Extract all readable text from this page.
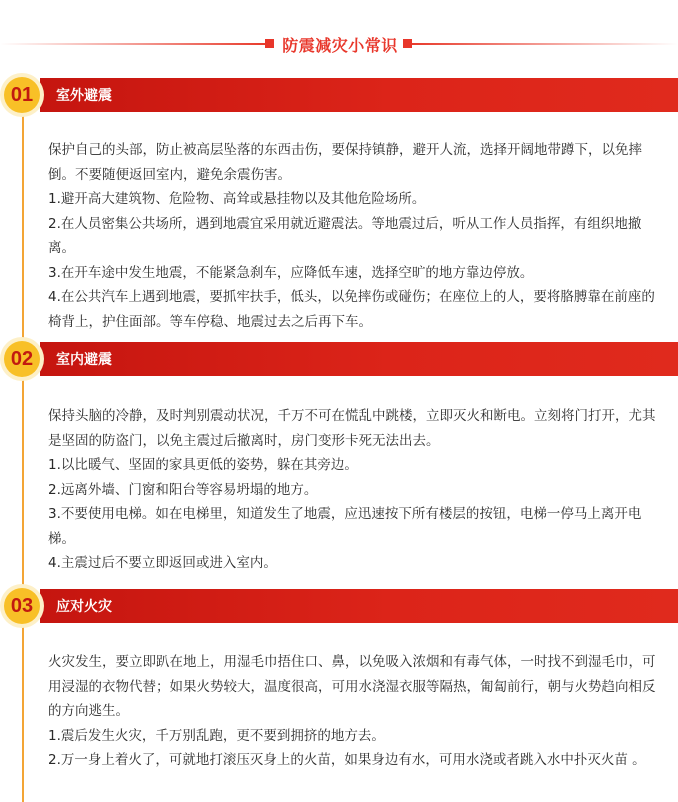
防震减灾小常识
室外避震
01

保护自己的头部，防止被高层坠落的东西击伤，要保持镇静，避开人流，选择开阔地带蹲下，以免摔倒。不要随便返回室内，避免余震伤害。

1.避开高大建筑物、危险物、高耸或悬挂物以及其他危险场所。

2.在人员密集公共场所，遇到地震宜采用就近避震法。等地震过后，听从工作人员指挥，有组织地撤离。

3.在开车途中发生地震，不能紧急刹车，应降低车速，选择空旷的地方靠边停放。

4.在公共汽车上遇到地震，要抓牢扶手，低头，以免摔伤或碰伤；在座位上的人，要将胳膊靠在前座的椅背上，护住面部。等车停稳、地震过去之后再下车。

室内避震
02

保持头脑的冷静，及时判别震动状况，千万不可在慌乱中跳楼，立即灭火和断电。立刻将门打开，尤其是坚固的防盗门，以免主震过后撤离时，房门变形卡死无法出去。

1.以比暖气、坚固的家具更低的姿势，躲在其旁边。

2.远离外墙、门窗和阳台等容易坍塌的地方。

3.不要使用电梯。如在电梯里，知道发生了地震，应迅速按下所有楼层的按钮，电梯一停马上离开电梯。

4.主震过后不要立即返回或进入室内。

应对火灾
03

火灾发生，要立即趴在地上，用湿毛巾捂住口、鼻，以免吸入浓烟和有毒气体，一时找不到湿毛巾，可用浸湿的衣物代替；如果火势较大，温度很高，可用水浇湿衣服等隔热，匍匐前行，朝与火势趋向相反的方向逃生。

1.震后发生火灾，千万别乱跑，更不要到拥挤的地方去。

2.万一身上着火了，可就地打滚压灭身上的火苗，如果身边有水，可用水浇或者跳入水中扑灭火苗 。
